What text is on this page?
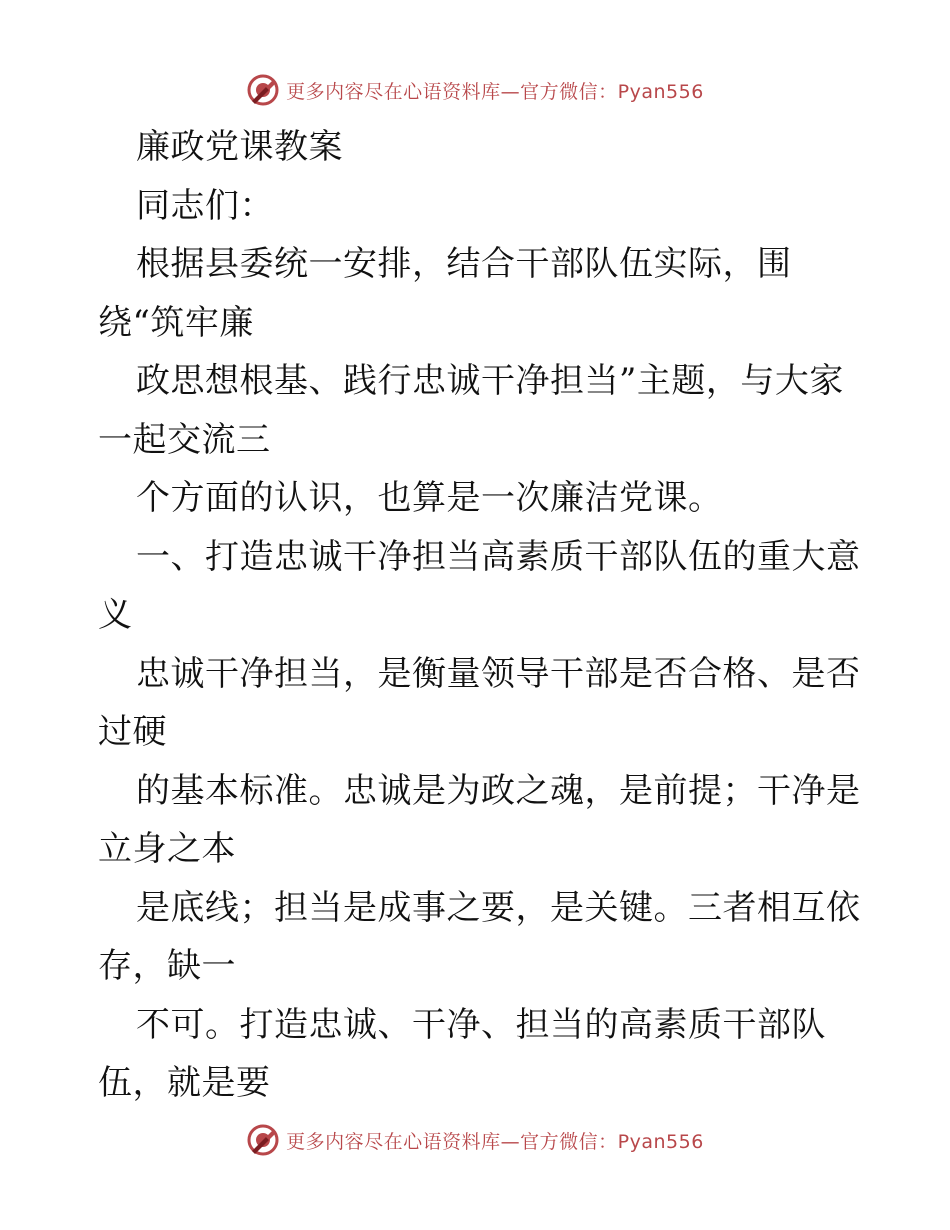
更多内容尽在心语资料库—官方微信：Pyan556
廉政党课教案
同志们：
根据县委统一安排，结合干部队伍实际，围
绕“筑牢廉
政思想根基、践行忠诚干净担当”主题，与大家
一起交流三
个方面的认识，也算是一次廉洁党课。
一、打造忠诚干净担当高素质干部队伍的重大意
义
忠诚干净担当，是衡量领导干部是否合格、是否
过硬
的基本标准。忠诚是为政之魂，是前提；干净是
立身之本
是底线；担当是成事之要，是关键。三者相互依
存，缺一
不可。打造忠诚、干净、担当的高素质干部队
伍，就是要
更多内容尽在心语资料库—官方微信：Pyan556
